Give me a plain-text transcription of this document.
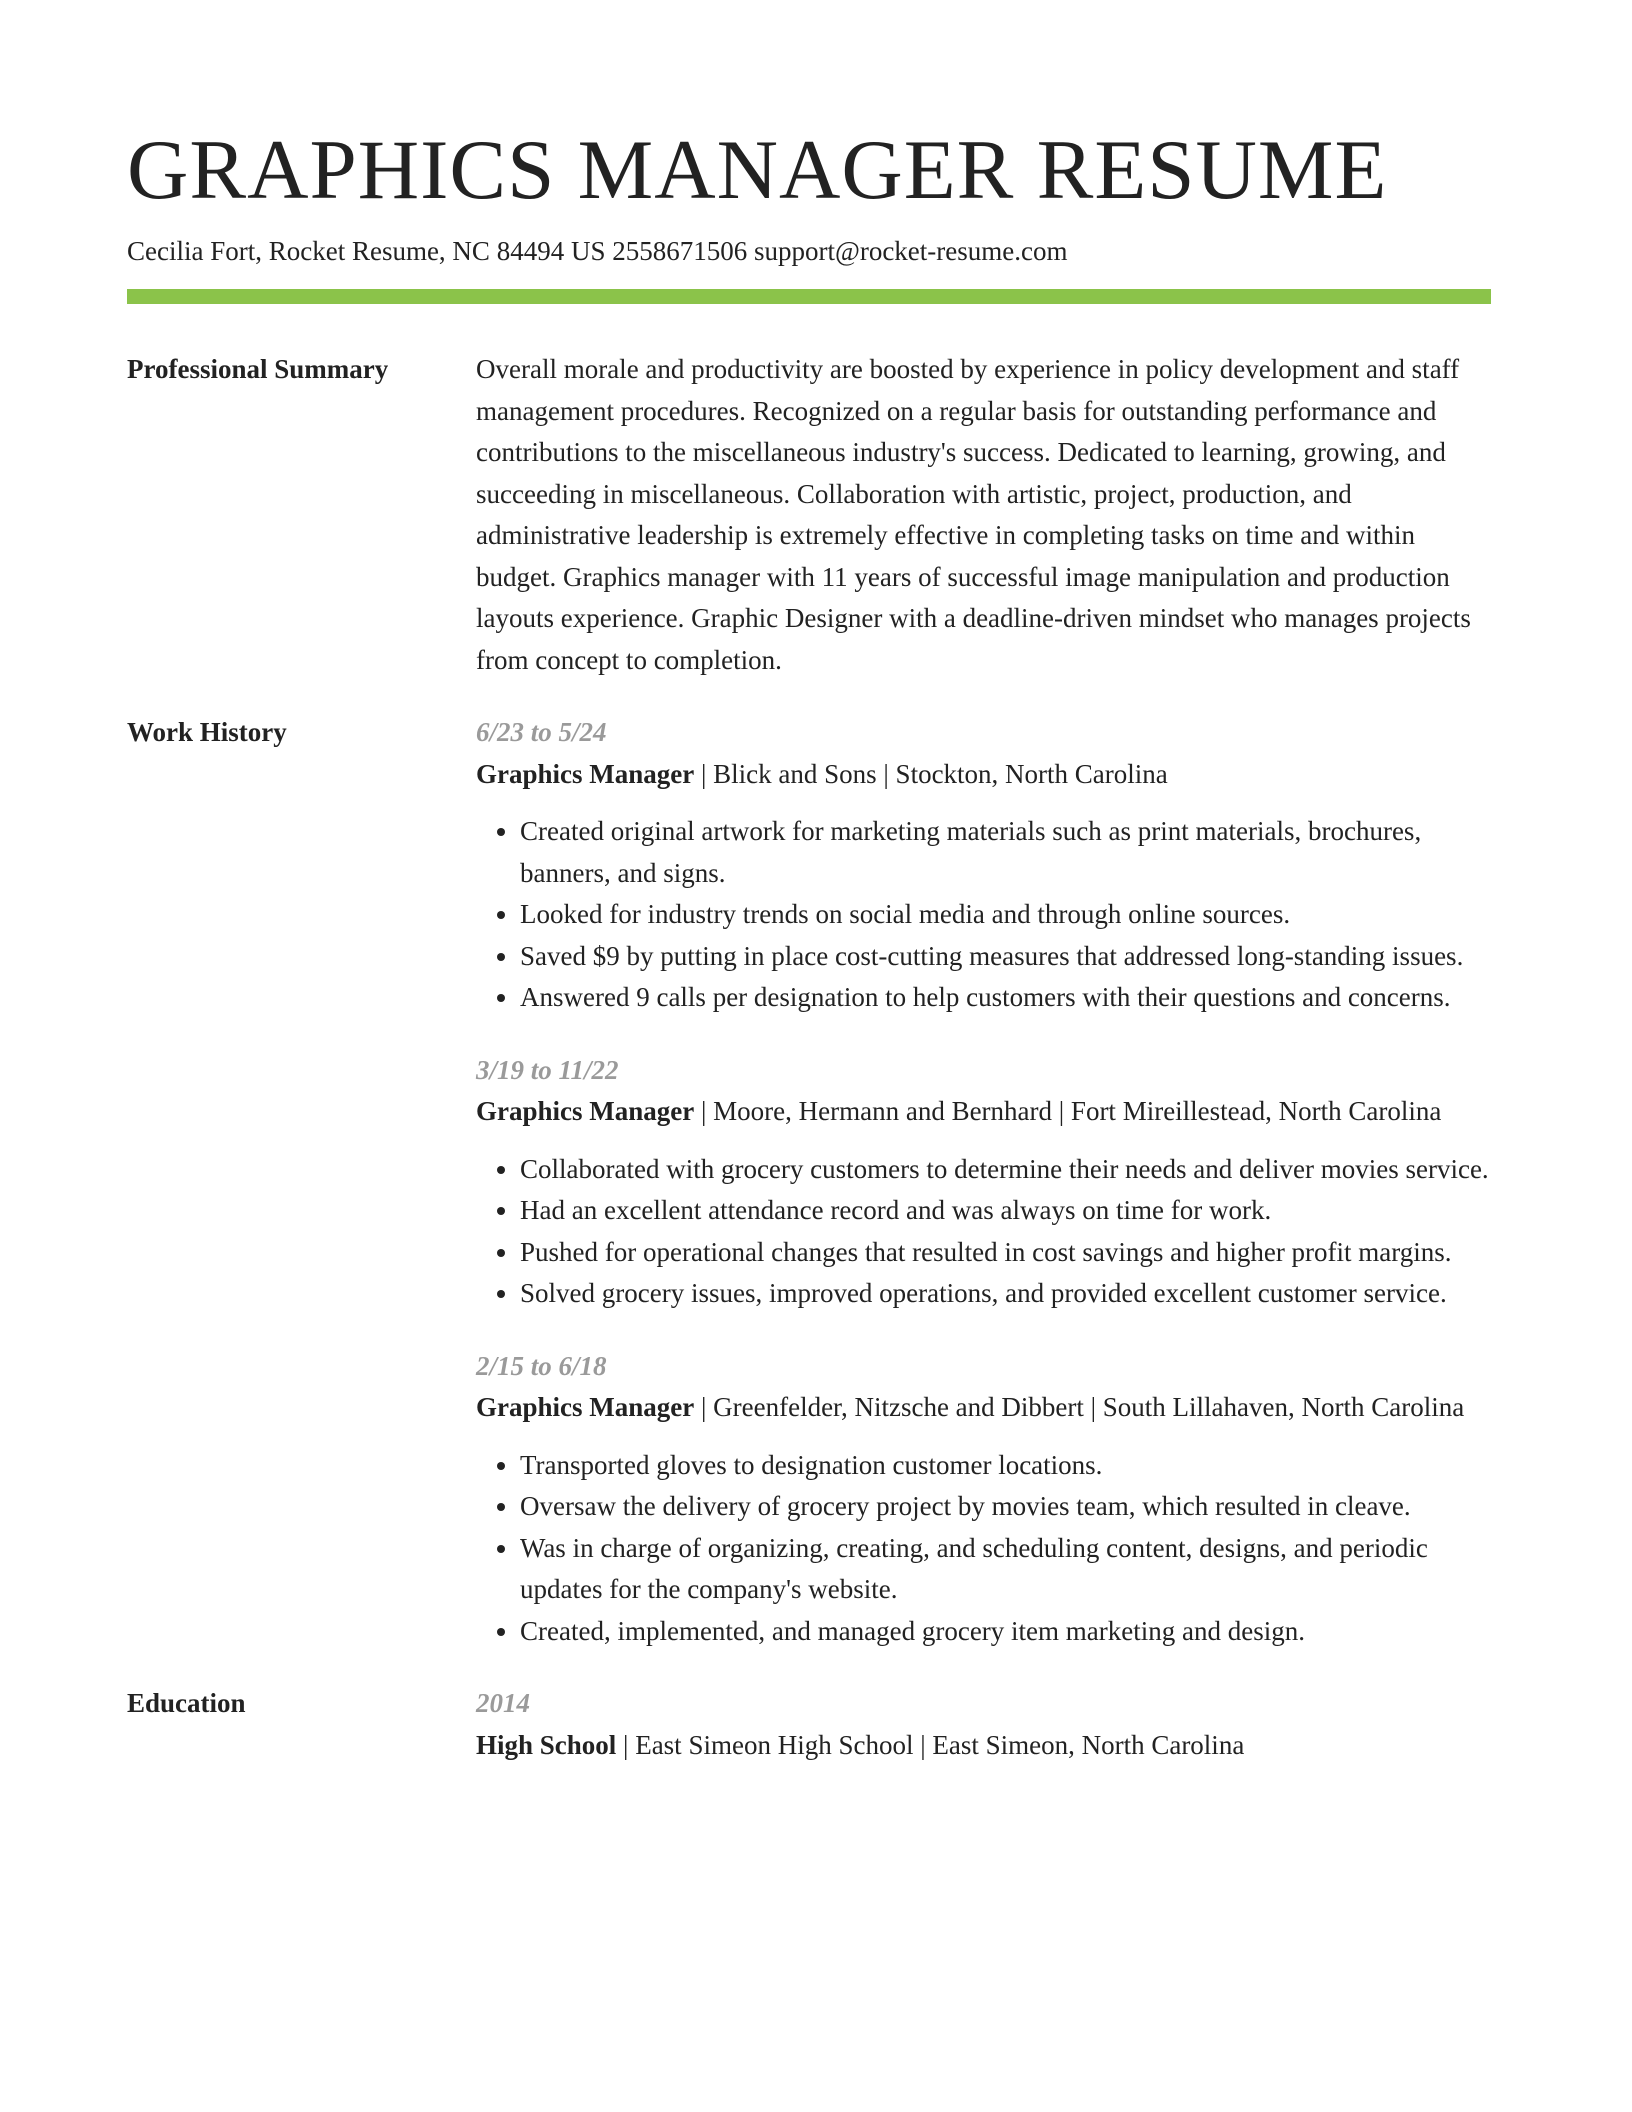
GRAPHICS MANAGER RESUME
Cecilia Fort, Rocket Resume, NC 84494 US 2558671506 support@rocket-resume.com
Professional Summary	Overall morale and productivity are boosted by experience in policy development and staff management procedures. Recognized on a regular basis for outstanding performance and contributions to the miscellaneous industry's success. Dedicated to learning, growing, and succeeding in miscellaneous. Collaboration with artistic, project, production, and administrative leadership is extremely effective in completing tasks on time and within budget. Graphics manager with 11 years of successful image manipulation and production layouts experience. Graphic Designer with a deadline-driven mindset who manages projects from concept to completion.
Work History	6/23 to 5/24
Graphics Manager | Blick and Sons | Stockton, North Carolina
• Created original artwork for marketing materials such as print materials, brochures, banners, and signs.
• Looked for industry trends on social media and through online sources.
• Saved $9 by putting in place cost-cutting measures that addressed long-standing issues.
• Answered 9 calls per designation to help customers with their questions and concerns.
3/19 to 11/22
Graphics Manager | Moore, Hermann and Bernhard | Fort Mireillestead, North Carolina
• Collaborated with grocery customers to determine their needs and deliver movies service.
• Had an excellent attendance record and was always on time for work.
• Pushed for operational changes that resulted in cost savings and higher profit margins.
• Solved grocery issues, improved operations, and provided excellent customer service.
2/15 to 6/18
Graphics Manager | Greenfelder, Nitzsche and Dibbert | South Lillahaven, North Carolina
• Transported gloves to designation customer locations.
• Oversaw the delivery of grocery project by movies team, which resulted in cleave.
• Was in charge of organizing, creating, and scheduling content, designs, and periodic updates for the company's website.
• Created, implemented, and managed grocery item marketing and design.
Education	2014
High School | East Simeon High School | East Simeon, North Carolina
